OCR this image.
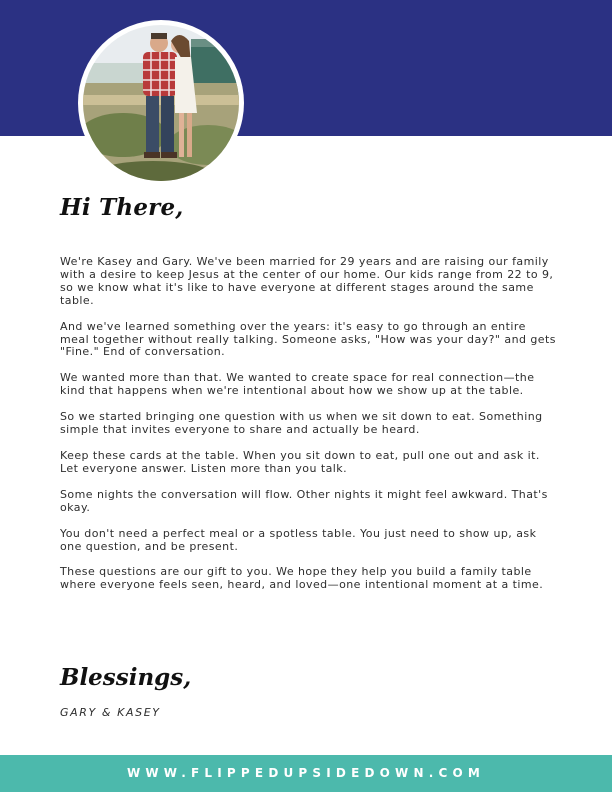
Hi There,

We're Kasey and Gary. We've been married for 29 years and are raising our family with a desire to keep Jesus at the center of our home. Our kids range from 22 to 9, so we know what it's like to have everyone at different stages around the same table.

And we've learned something over the years: it's easy to go through an entire meal together without really talking. Someone asks, "How was your day?" and gets "Fine." End of conversation.

We wanted more than that. We wanted to create space for real connection—the kind that happens when we're intentional about how we show up at the table.

So we started bringing one question with us when we sit down to eat. Something simple that invites everyone to share and actually be heard.

Keep these cards at the table. When you sit down to eat, pull one out and ask it. Let everyone answer. Listen more than you talk.

Some nights the conversation will flow. Other nights it might feel awkward. That's okay.

You don't need a perfect meal or a spotless table. You just need to show up, ask one question, and be present.

These questions are our gift to you. We hope they help you build a family table where everyone feels seen, heard, and loved—one intentional moment at a time.

Blessings,
GARY & KASEY
WWW.FLIPPEDUPSIDEDOWN.COM
